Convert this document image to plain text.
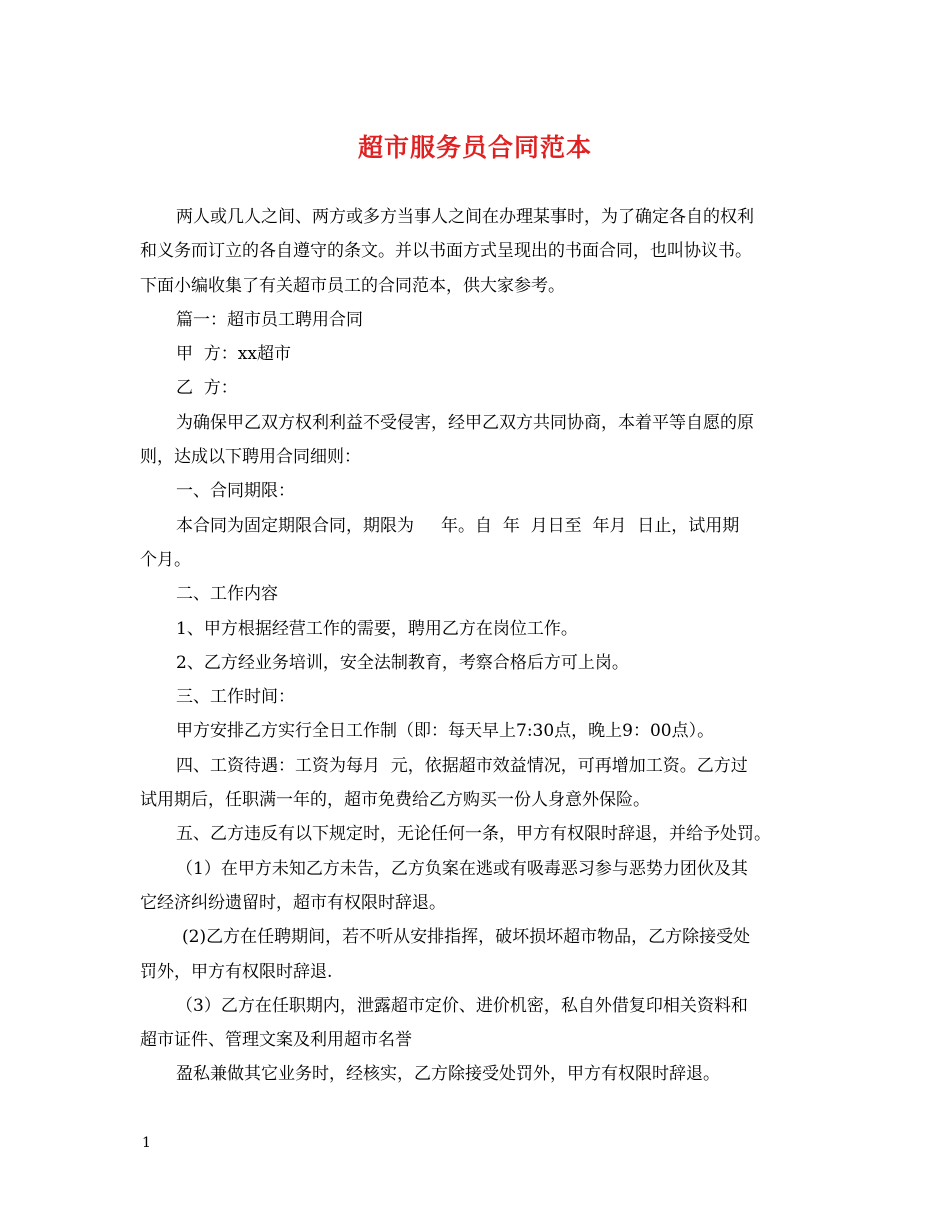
超市服务员合同范本

两人或几人之间、两方或多方当事人之间在办理某事时，为了确定各自的权利

和义务而订立的各自遵守的条文。并以书面方式呈现出的书面合同，也叫协议书。

下面小编收集了有关超市员工的合同范本，供大家参考。

篇一：超市员工聘用合同

甲  方：xx超市

乙  方：

为确保甲乙双方权利利益不受侵害，经甲乙双方共同协商，本着平等自愿的原

则，达成以下聘用合同细则：

一、合同期限：

本合同为固定期限合同，期限为     年。自  年  月日至  年月  日止，试用期

个月。

二、工作内容

1、甲方根据经营工作的需要，聘用乙方在岗位工作。

2、乙方经业务培训，安全法制教育，考察合格后方可上岗。

三、工作时间：

甲方安排乙方实行全日工作制（即：每天早上7:30点，晚上9：00点）。

四、工资待遇：工资为每月  元，依据超市效益情况，可再增加工资。乙方过

试用期后，任职满一年的，超市免费给乙方购买一份人身意外保险。

五、乙方违反有以下规定时，无论任何一条，甲方有权限时辞退，并给予处罚。

（1）在甲方未知乙方未告，乙方负案在逃或有吸毒恶习参与恶势力团伙及其

它经济纠纷遗留时，超市有权限时辞退。

(2)乙方在任聘期间，若不听从安排指挥，破坏损坏超市物品，乙方除接受处

罚外，甲方有权限时辞退.

（3）乙方在任职期内，泄露超市定价、进价机密，私自外借复印相关资料和

超市证件、管理文案及利用超市名誉

盈私兼做其它业务时，经核实，乙方除接受处罚外，甲方有权限时辞退。

1
